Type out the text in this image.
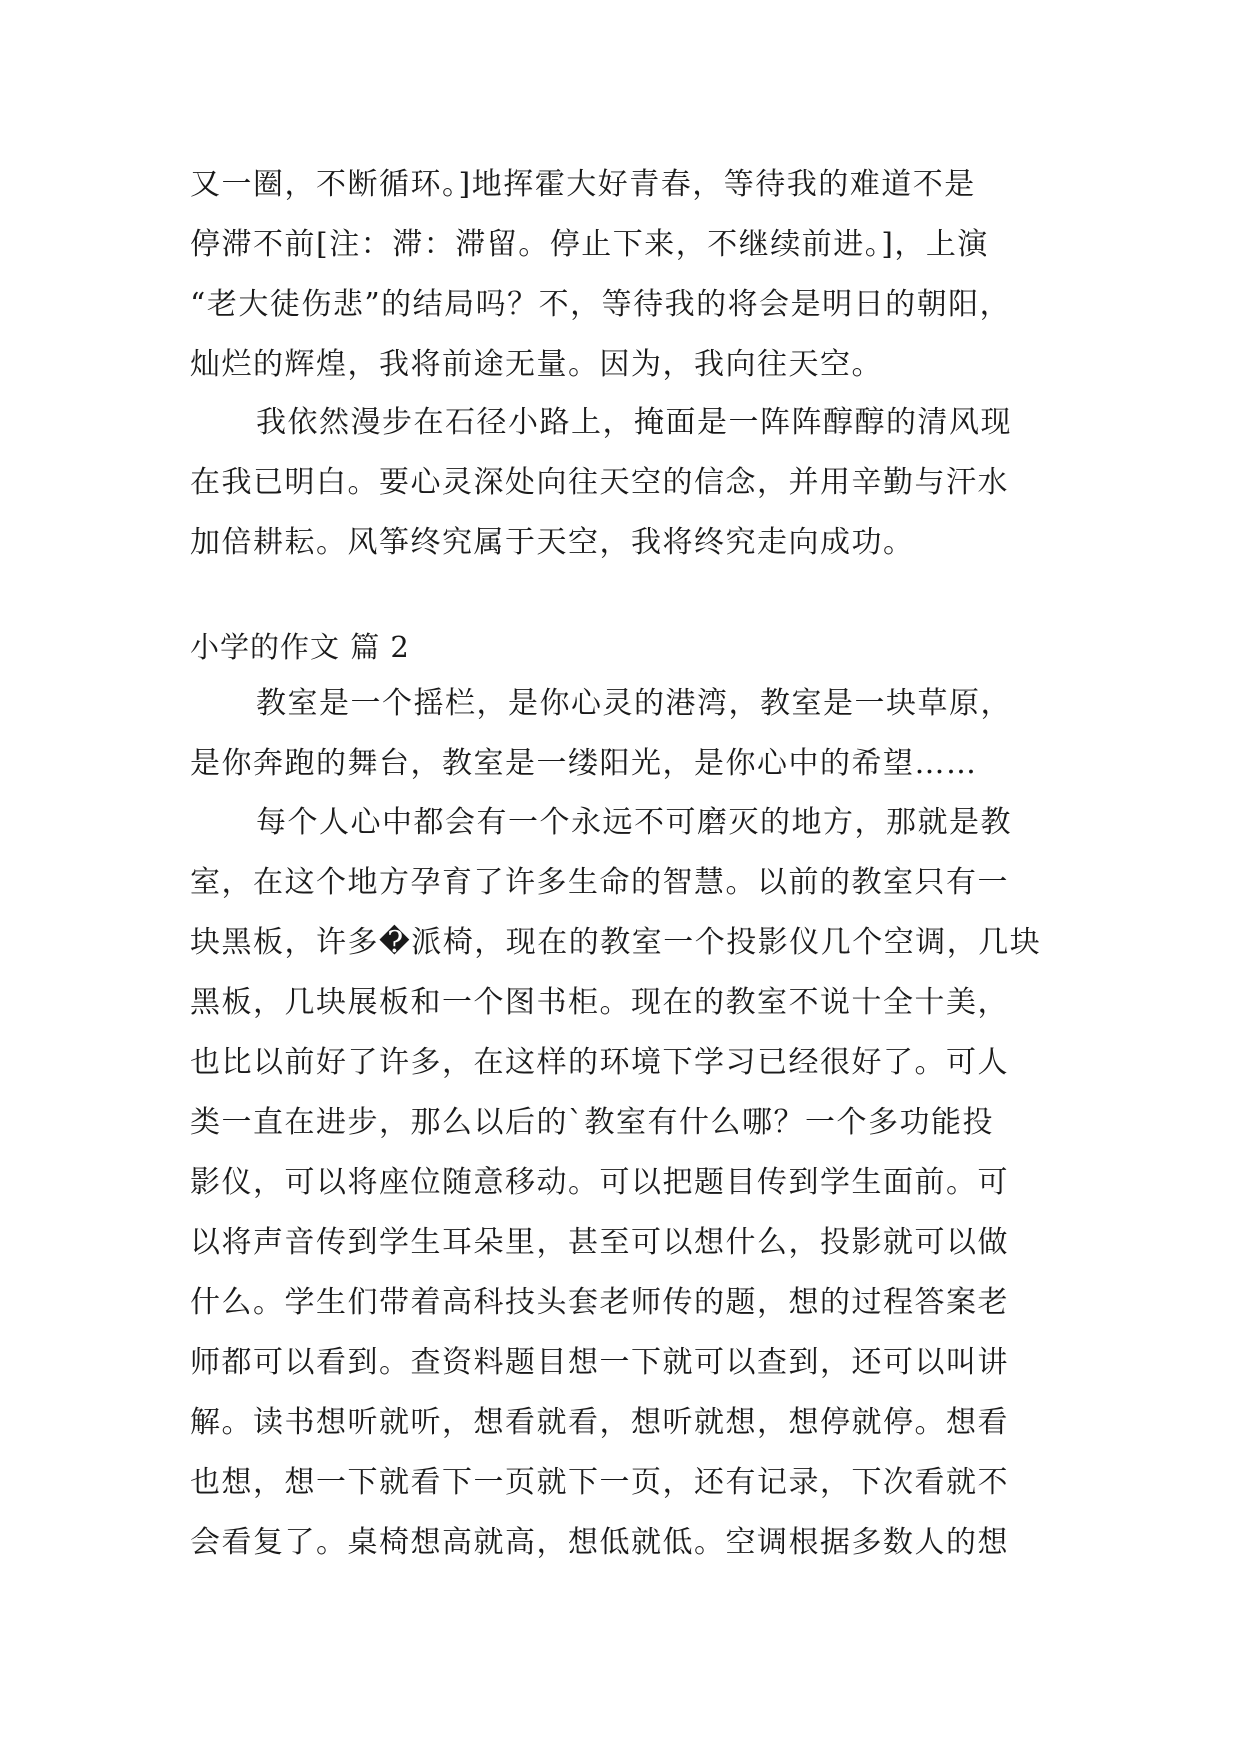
又一圈，不断循环。]地挥霍大好青春，等待我的难道不是
停滞不前[注：滞：滞留。停止下来，不继续前进。]，上演
“老大徒伤悲”的结局吗？不，等待我的将会是明日的朝阳，
灿烂的辉煌，我将前途无量。因为，我向往天空。
我依然漫步在石径小路上，掩面是一阵阵醇醇的清风现
在我已明白。要心灵深处向往天空的信念，并用辛勤与汗水
加倍耕耘。风筝终究属于天空，我将终究走向成功。
小学的作文 篇 2
教室是一个摇栏，是你心灵的港湾，教室是一块草原，
是你奔跑的舞台，教室是一缕阳光，是你心中的希望……
每个人心中都会有一个永远不可磨灭的地方，那就是教
室，在这个地方孕育了许多生命的智慧。以前的教室只有一
块黑板，许多�派椅，现在的教室一个投影仪几个空调，几块
黑板，几块展板和一个图书柜。现在的教室不说十全十美，
也比以前好了许多，在这样的环境下学习已经很好了。可人
类一直在进步，那么以后的`教室有什么哪？一个多功能投
影仪，可以将座位随意移动。可以把题目传到学生面前。可
以将声音传到学生耳朵里，甚至可以想什么，投影就可以做
什么。学生们带着高科技头套老师传的题，想的过程答案老
师都可以看到。查资料题目想一下就可以查到，还可以叫讲
解。读书想听就听，想看就看，想听就想，想停就停。想看
也想，想一下就看下一页就下一页，还有记录，下次看就不
会看复了。桌椅想高就高，想低就低。空调根据多数人的想
